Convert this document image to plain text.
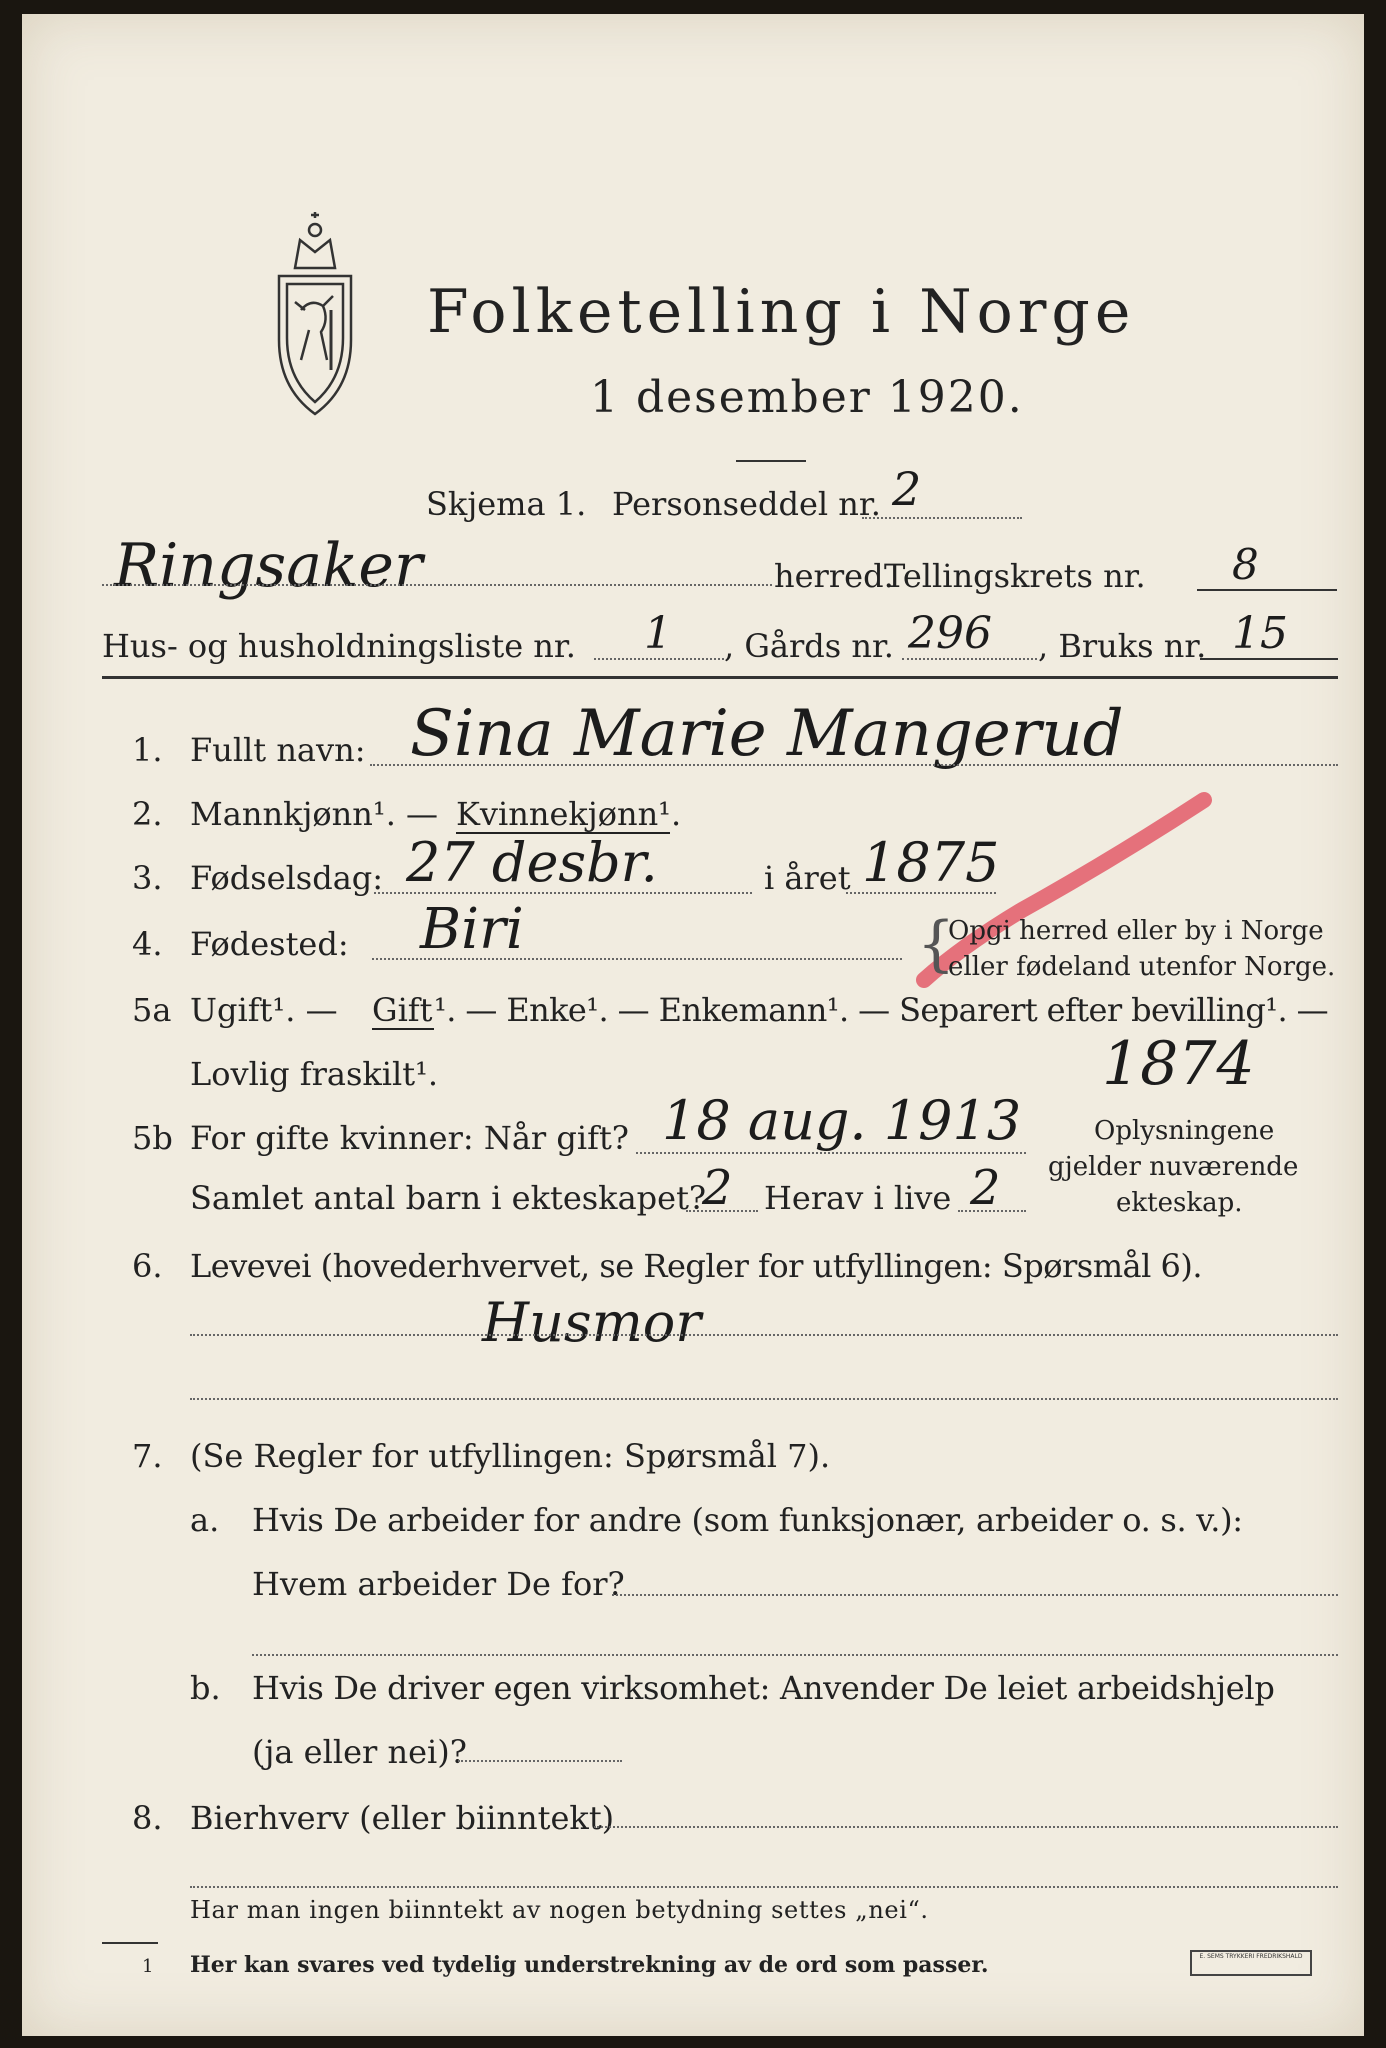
Folketelling i Norge
1 desember 1920.
Skjema 1. Personseddel nr. 2
Ringsaker	herred.
Tellingskrets nr. 8
Hus- og husholdningsliste nr. 1 , Gårds nr. 296 , Bruks nr. 15
1. Fullt navn: Sina Marie Mangerud
2. Mannkjønn¹. — Kvinnekjønn¹.
3. Fødselsdag: 27 desbr.	i året 1875
4. Fødested: Biri	{
Opgi herred eller by i Norge
eller fødeland utenfor Norge.
5a Ugift¹. — Gift ¹. — Enke¹. — Enkemann¹. — Separert efter bevilling¹. —
Lovlig fraskilt¹.	1874
5b For gifte kvinner: Når gift? 18 aug. 1913
Samlet antal barn i ekteskapet?
2 Herav i live 2
Oplysningene
gjelder nuværende
ekteskap.
6. Levevei (hovederhvervet, se Regler for utfyllingen: Spørsmål 6).
Husmor
7. (Se Regler for utfyllingen: Spørsmål 7).
a. Hvis De arbeider for andre (som funksjonær, arbeider o. s. v.):
Hvem arbeider De for?
b. Hvis De driver egen virksomhet: Anvender De leiet arbeidshjelp
(ja eller nei)?
8. Bierhverv (eller biinntekt)
Har man ingen biinntekt av nogen betydning settes „nei“.
1 Her kan svares ved tydelig understrekning av de ord som passer.	E. SEMS TRYKKERI FREDRIKSHALD
